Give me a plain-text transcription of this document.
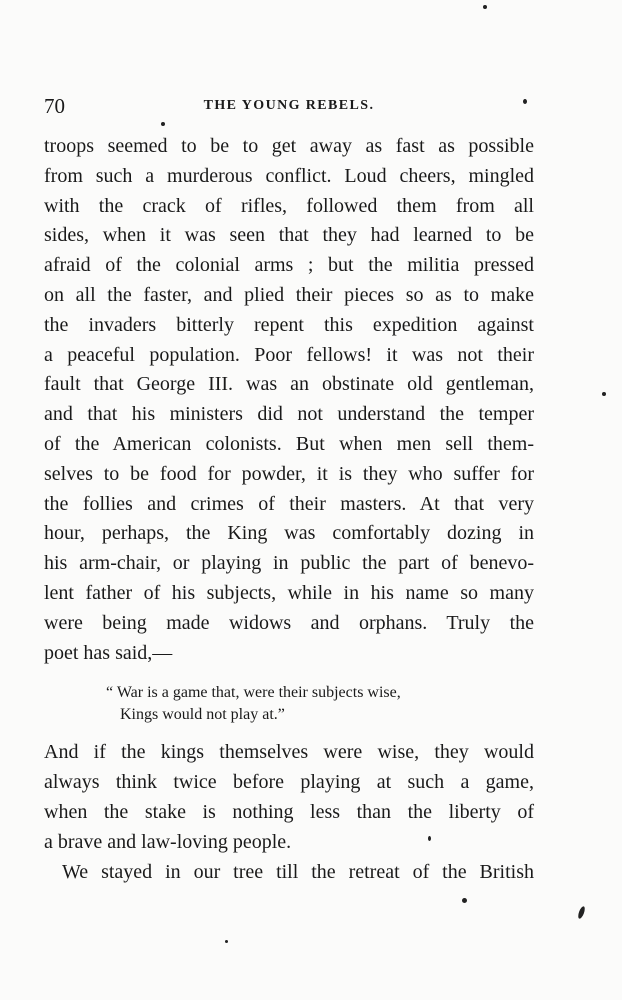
70	THE YOUNG REBELS.
troops seemed to be to get away as fast as possible
from such a murderous conflict. Loud cheers, mingled
with the crack of rifles, followed them from all
sides, when it was seen that they had learned to be
afraid of the colonial arms ; but the militia pressed
on all the faster, and plied their pieces so as to make
the invaders bitterly repent this expedition against
a peaceful population. Poor fellows! it was not their
fault that George III. was an obstinate old gentleman,
and that his ministers did not understand the temper
of the American colonists. But when men sell them-
selves to be food for powder, it is they who suffer for
the follies and crimes of their masters. At that very
hour, perhaps, the King was comfortably dozing in
his arm-chair, or playing in public the part of benevo-
lent father of his subjects, while in his name so many
were being made widows and orphans. Truly the
poet has said,—
“ War is a game that, were their subjects wise,
Kings would not play at.”
And if the kings themselves were wise, they would
always think twice before playing at such a game,
when the stake is nothing less than the liberty of
a brave and law-loving people.
We stayed in our tree till the retreat of the British
